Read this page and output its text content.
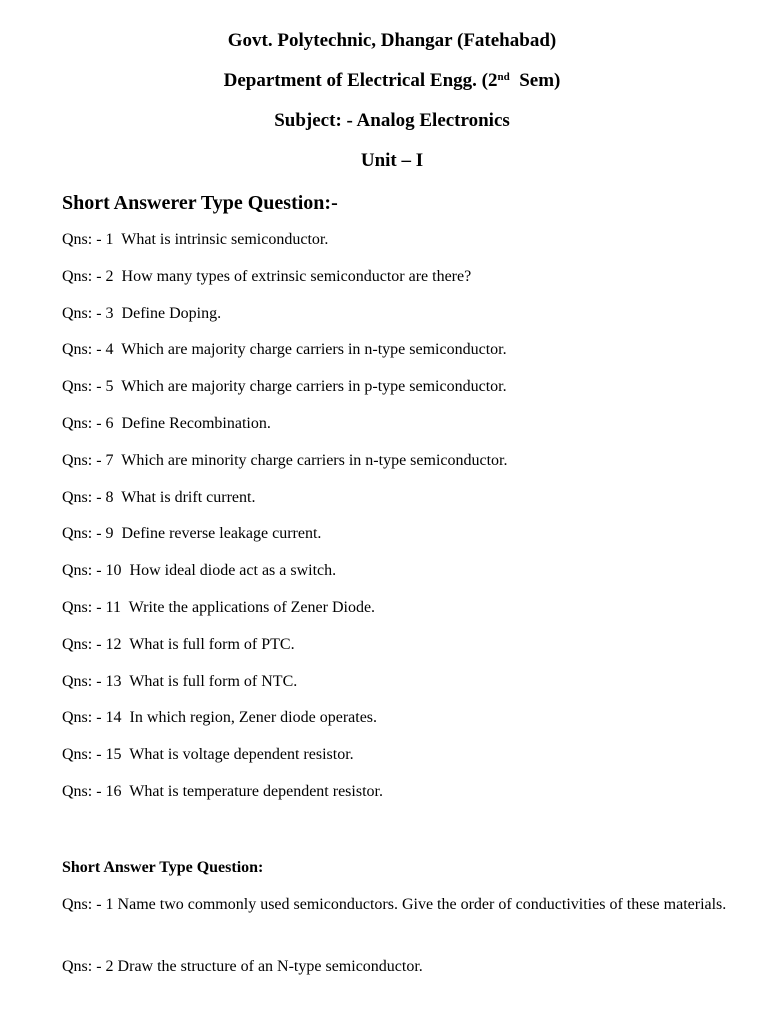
Govt. Polytechnic, Dhangar (Fatehabad)
Department of Electrical Engg. (2nd  Sem)
Subject: - Analog Electronics
Unit – I
Short Answerer Type Question:-
Qns: - 1  What is intrinsic semiconductor.
Qns: - 2  How many types of extrinsic semiconductor are there?
Qns: - 3  Define Doping.
Qns: - 4  Which are majority charge carriers in n-type semiconductor.
Qns: - 5  Which are majority charge carriers in p-type semiconductor.
Qns: - 6  Define Recombination.
Qns: - 7  Which are minority charge carriers in n-type semiconductor.
Qns: - 8  What is drift current.
Qns: - 9  Define reverse leakage current.
Qns: - 10  How ideal diode act as a switch.
Qns: - 11  Write the applications of Zener Diode.
Qns: - 12  What is full form of PTC.
Qns: - 13  What is full form of NTC.
Qns: - 14  In which region, Zener diode operates.
Qns: - 15  What is voltage dependent resistor.
Qns: - 16  What is temperature dependent resistor.
Short Answer Type Question:
Qns: - 1 Name two commonly used semiconductors. Give the order of conductivities of these materials.
Qns: - 2 Draw the structure of an N-type semiconductor.
